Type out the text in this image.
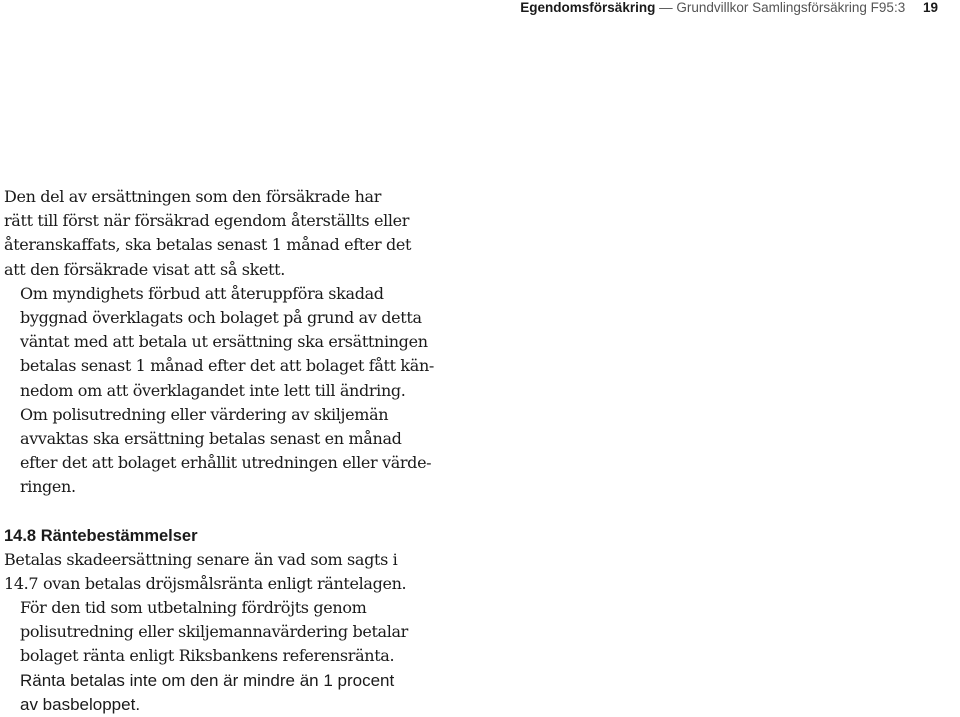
Egendomsförsäkring — Grundvillkor Samlingsförsäkring F95:3 19

Den del av ersättningen som den försäkrade har
rätt till först när försäkrad egendom återställts eller
återanskaffats, ska betalas senast 1 månad efter det
att den försäkrade visat att så skett.

Om myndighets förbud att återuppföra skadad
byggnad överklagats och bolaget på grund av detta
väntat med att betala ut ersättning ska ersättningen
betalas senast 1 månad efter det att bolaget fått kän-
nedom om att överklagandet inte lett till ändring.

Om polisutredning eller värdering av skiljemän
avvaktas ska ersättning betalas senast en månad
efter det att bolaget erhållit utredningen eller värde-
ringen.

14.8 Räntebestämmelser

Betalas skadeersättning senare än vad som sagts i
14.7 ovan betalas dröjsmålsränta enligt räntelagen.

För den tid som utbetalning fördröjts genom
polisutredning eller skiljemannavärdering betalar
bolaget ränta enligt Riksbankens referensränta.

Ränta betalas inte om den är mindre än 1 procent
av basbeloppet.
